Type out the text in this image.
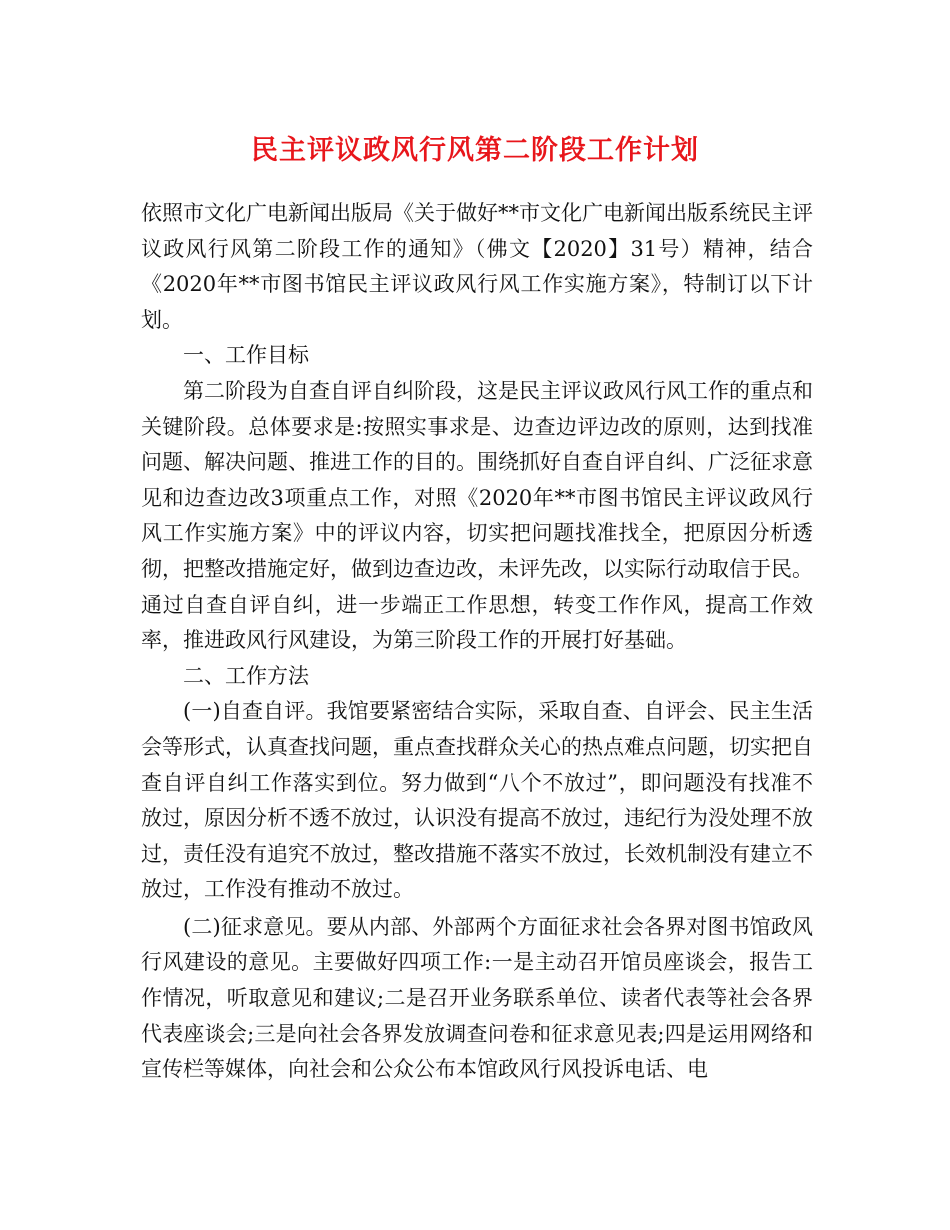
民主评议政风行风第二阶段工作计划

依照市文化广电新闻出版局《关于做好**市文化广电新闻出版系统民主评议政风行风第二阶段工作的通知》（佛文【2020】31号）精神，结合《2020年**市图书馆民主评议政风行风工作实施方案》，特制订以下计划。

一、工作目标

第二阶段为自查自评自纠阶段，这是民主评议政风行风工作的重点和关键阶段。总体要求是:按照实事求是、边查边评边改的原则，达到找准问题、解决问题、推进工作的目的。围绕抓好自查自评自纠、广泛征求意见和边查边改3项重点工作，对照《2020年**市图书馆民主评议政风行风工作实施方案》中的评议内容，切实把问题找准找全，把原因分析透彻，把整改措施定好，做到边查边改，未评先改，以实际行动取信于民。通过自查自评自纠，进一步端正工作思想，转变工作作风，提高工作效率，推进政风行风建设，为第三阶段工作的开展打好基础。

二、工作方法

(一)自查自评。我馆要紧密结合实际，采取自查、自评会、民主生活会等形式，认真查找问题，重点查找群众关心的热点难点问题，切实把自查自评自纠工作落实到位。努力做到“八个不放过”，即问题没有找准不放过，原因分析不透不放过，认识没有提高不放过，违纪行为没处理不放过，责任没有追究不放过，整改措施不落实不放过，长效机制没有建立不放过，工作没有推动不放过。

(二)征求意见。要从内部、外部两个方面征求社会各界对图书馆政风行风建设的意见。主要做好四项工作:一是主动召开馆员座谈会，报告工作情况，听取意见和建议;二是召开业务联系单位、读者代表等社会各界代表座谈会;三是向社会各界发放调查问卷和征求意见表;四是运用网络和宣传栏等媒体，向社会和公众公布本馆政风行风投诉电话、电
